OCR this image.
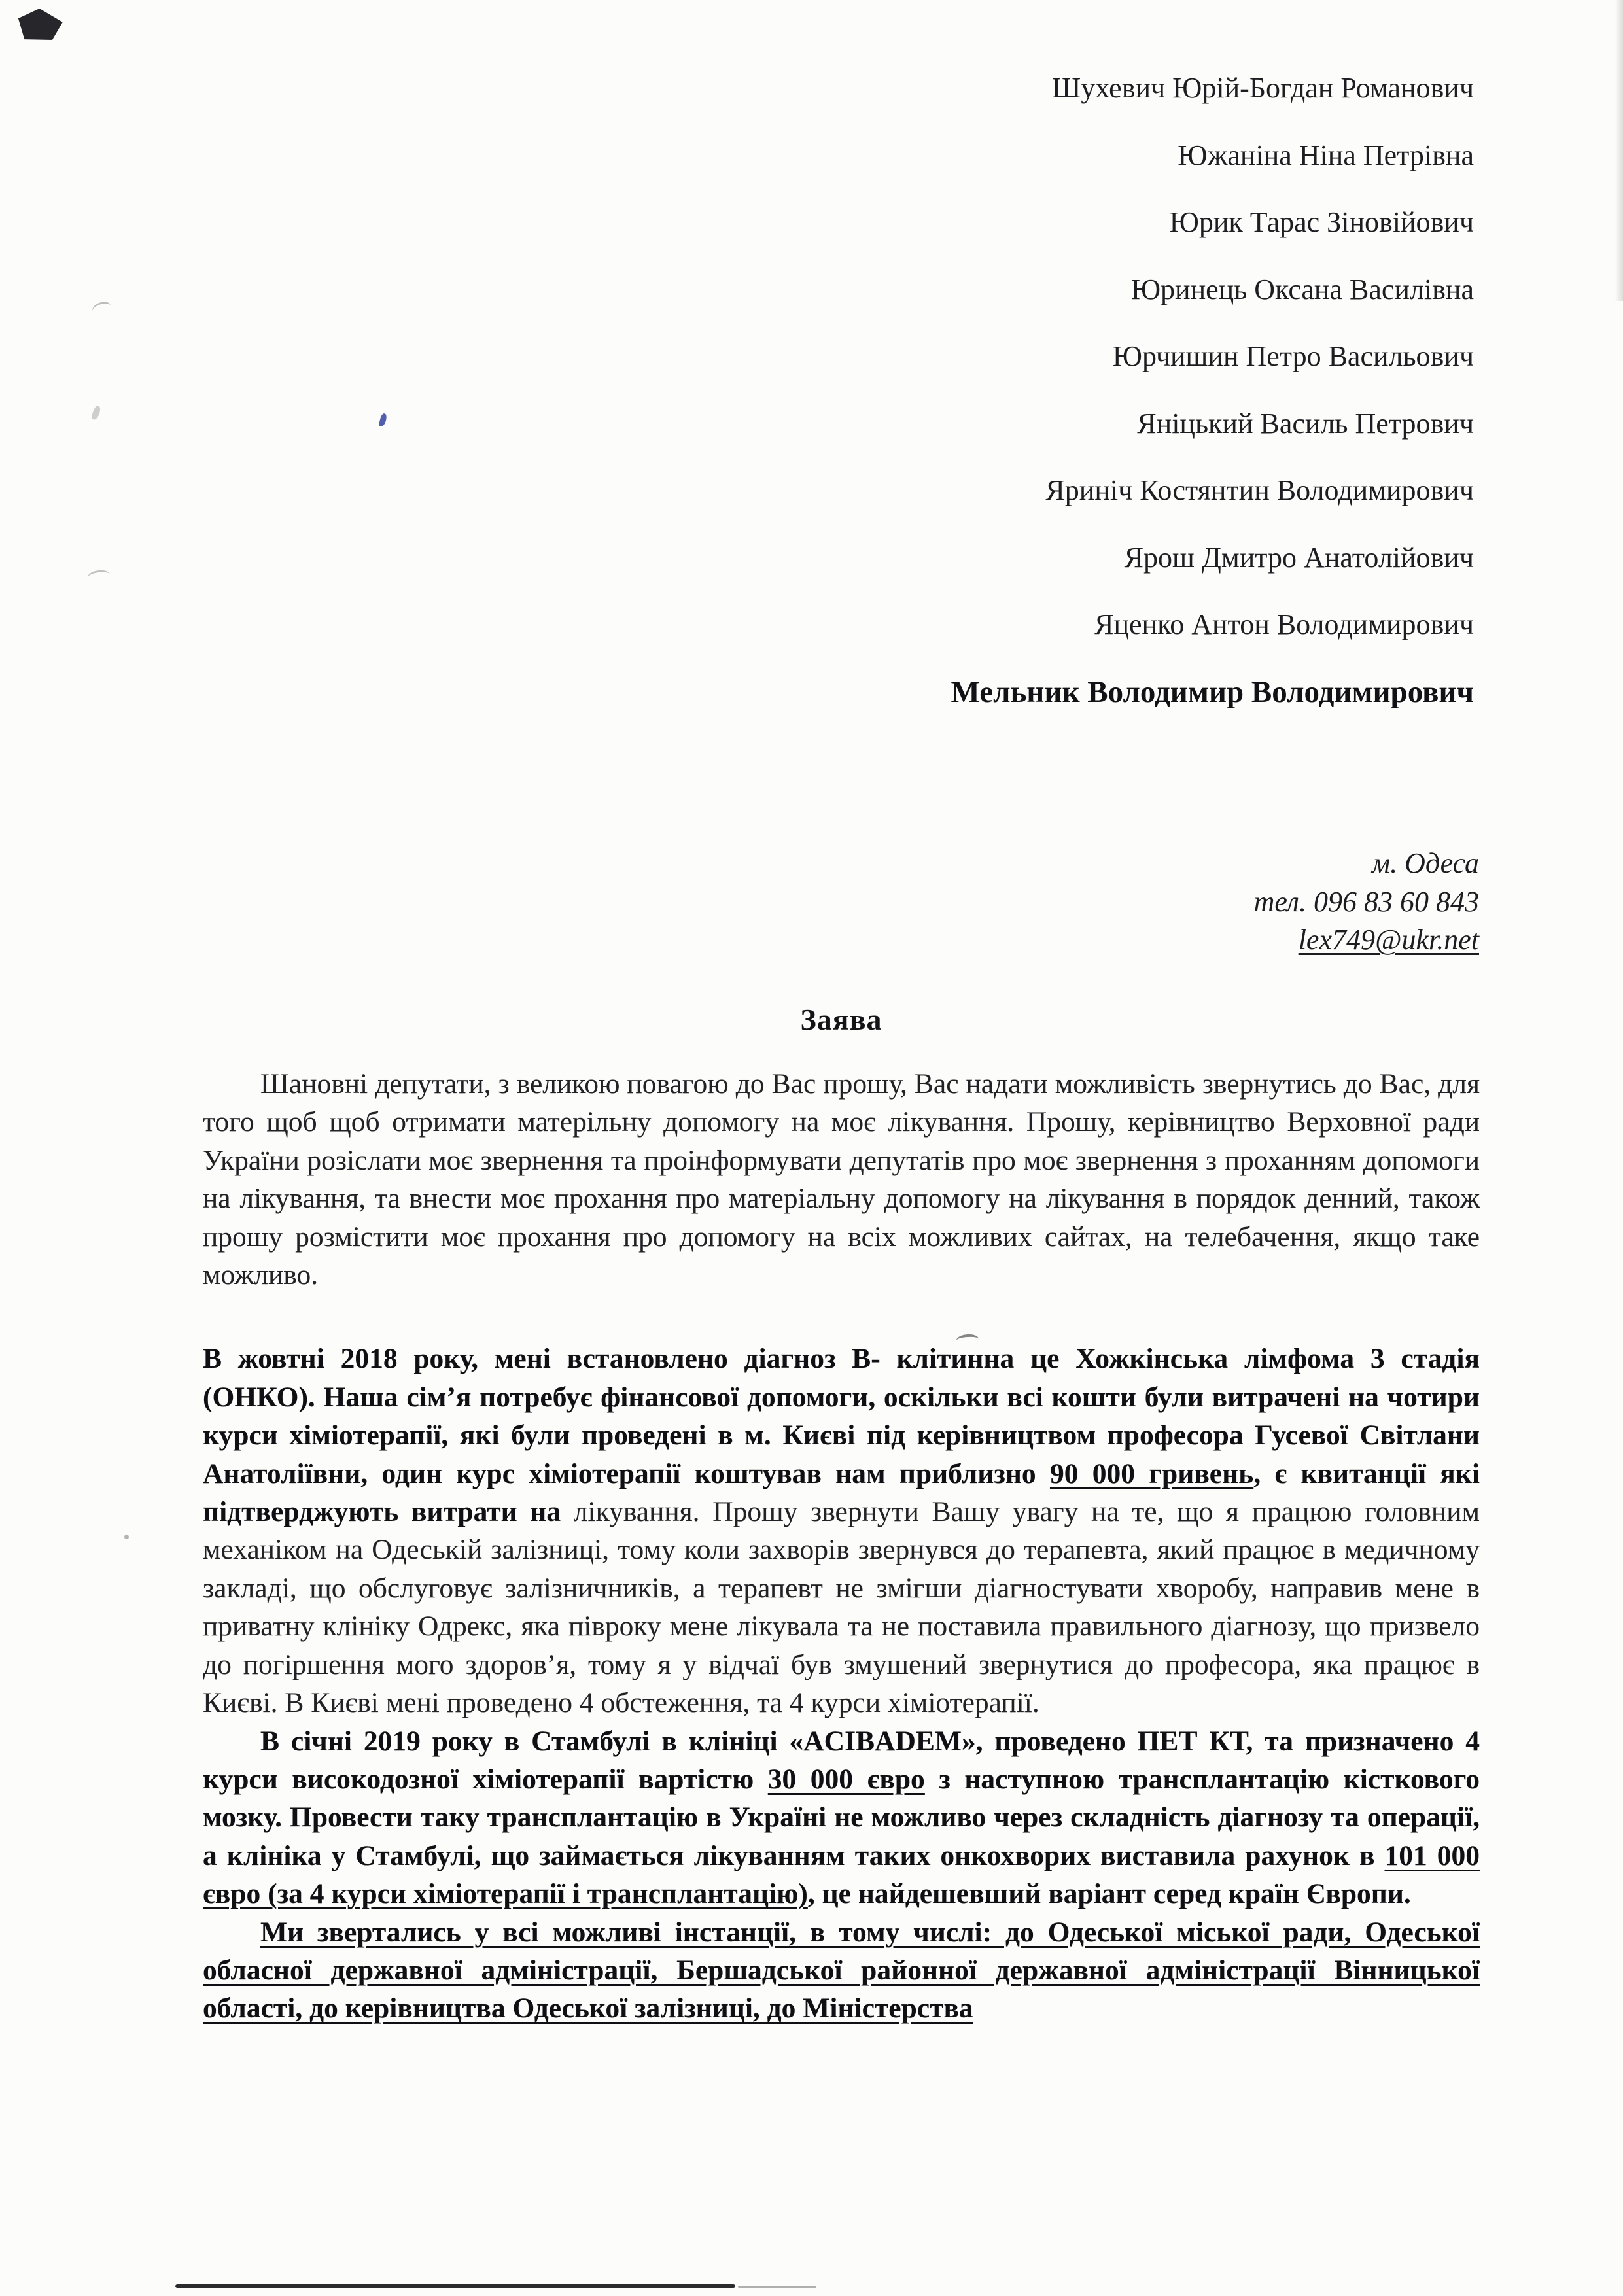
Шухевич Юрій-Богдан Романович
Южаніна Ніна Петрівна
Юрик Тарас Зіновійович
Юринець Оксана Василівна
Юрчишин Петро Васильович
Яніцький Василь Петрович
Яриніч Костянтин Володимирович
Ярош Дмитро Анатолійович
Яценко Антон Володимирович
Мельник Володимир Володимирович
м. Одеса
тел. 096 83 60 843
lex749@ukr.net
Заява

Шановні депутати, з великою повагою до Вас прошу, Вас надати можливість звернутись до Вас, для того щоб щоб отримати матерільну допомогу на моє лікування. Прошу, керівництво Верховної ради України розіслати моє звернення та проінформувати депутатів про моє звернення з проханням допомоги на лікування, та внести моє прохання про матеріальну допомогу на лікування в порядок денний, також прошу розмістити моє прохання про допомогу на всіх можливих сайтах, на телебачення, якщо таке можливо.

В жовтні 2018 року, мені встановлено діагноз В- клітинна це Хожкінська лімфома 3 стадія (ОНКО). Наша сім’я потребує фінансової допомоги, оскільки всі кошти були витрачені на чотири курси хіміотерапії, які були проведені в м. Києві під керівництвом професора Гусевої Світлани Анатоліївни, один курс хіміотерапії коштував нам приблизно 90 000 гривень, є квитанції які підтверджують витрати на лікування. Прошу звернути Вашу увагу на те, що я працюю головним механіком на Одеській залізниці, тому коли захворів звернувся до терапевта, який працює в медичному закладі, що обслуговує залізничників, а терапевт не змігши діагностувати хворобу, направив мене в приватну клініку Одрекс, яка півроку мене лікувала та не поставила правильного діагнозу, що призвело до погіршення мого здоров’я, тому я у відчаї був змушений звернутися до професора, яка працює в Києві. В Києві мені проведено 4 обстеження, та 4 курси хіміотерапії.

В січні 2019 року в Стамбулі в клініці «ACIBADEM», проведено ПЕТ КТ, та призначено 4 курси високодозної хіміотерапії вартістю 30 000 євро з наступною трансплантацію кісткового мозку. Провести таку трансплантацію в Україні не можливо через складність діагнозу та операції, а клініка у Стамбулі, що займається лікуванням таких онкохворих виставила рахунок в 101 000 євро (за 4 курси хіміотерапії і трансплантацію), це найдешевший варіант серед країн Європи.

Ми звертались у всі можливі інстанції, в тому числі: до Одеської міської ради, Одеської обласної державної адміністрації, Бершадської районної державної адміністрації Вінницької області, до керівництва Одеської залізниці, до Міністерства
